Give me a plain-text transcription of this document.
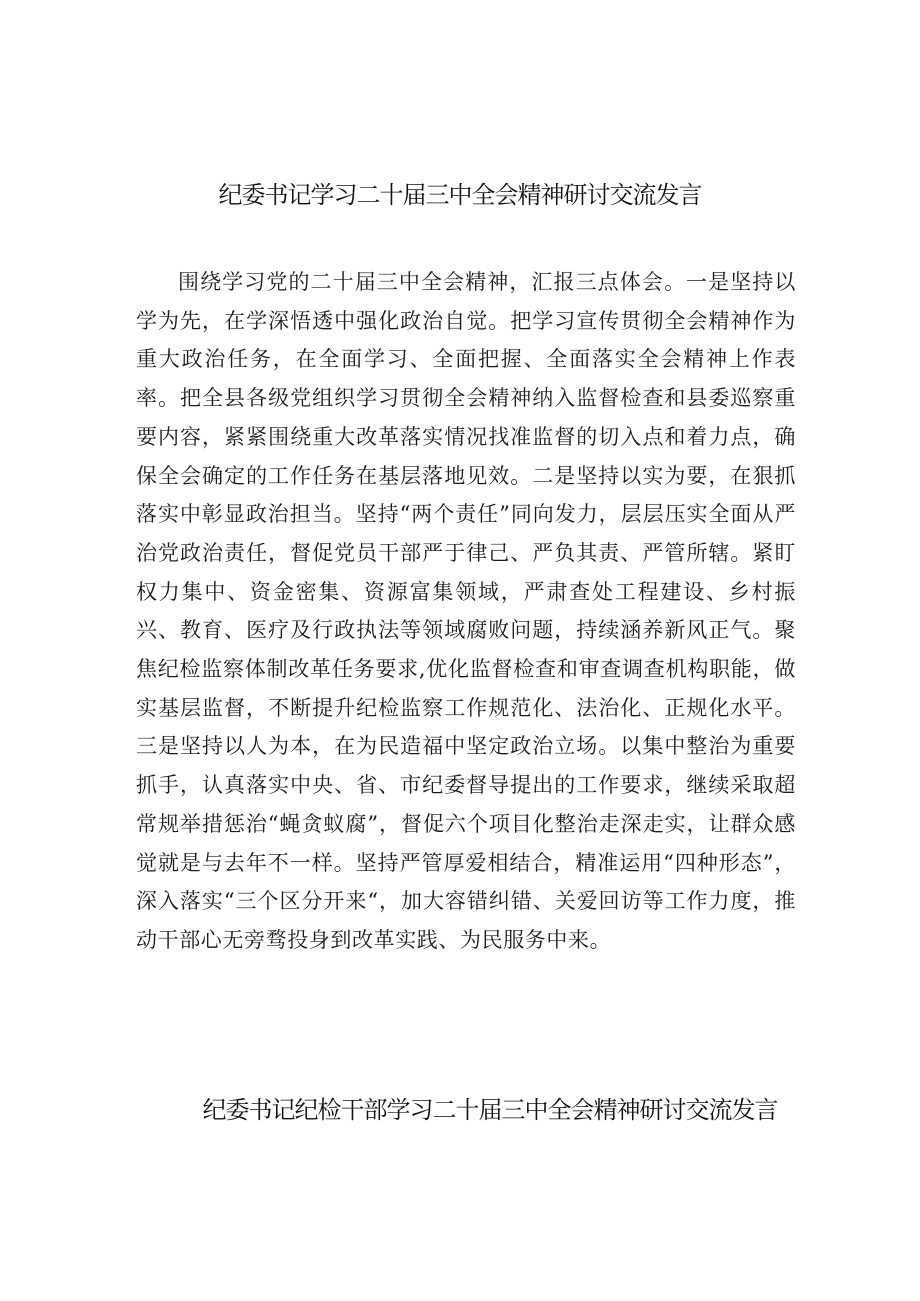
纪委书记学习二十届三中全会精神研讨交流发言

围绕学习党的二十届三中全会精神，汇报三点体会。一是坚持以学为先，在学深悟透中强化政治自觉。把学习宣传贯彻全会精神作为重大政治任务，在全面学习、全面把握、全面落实全会精神上作表率。把全县各级党组织学习贯彻全会精神纳入监督检查和县委巡察重要内容，紧紧围绕重大改革落实情况找准监督的切入点和着力点，确保全会确定的工作任务在基层落地见效。二是坚持以实为要，在狠抓落实中彰显政治担当。坚持“两个责任”同向发力，层层压实全面从严治党政治责任，督促党员干部严于律己、严负其责、严管所辖。紧盯权力集中、资金密集、资源富集领域，严肃查处工程建设、乡村振兴、教育、医疗及行政执法等领域腐败问题，持续涵养新风正气。聚焦纪检监察体制改革任务要求,优化监督检查和审查调查机构职能，做实基层监督，不断提升纪检监察工作规范化、法治化、正规化水平。三是坚持以人为本，在为民造福中坚定政治立场。以集中整治为重要抓手，认真落实中央、省、市纪委督导提出的工作要求，继续采取超常规举措惩治“蝇贪蚁腐”，督促六个项目化整治走深走实，让群众感觉就是与去年不一样。坚持严管厚爱相结合，精准运用“四种形态”，深入落实“三个区分开来“，加大容错纠错、关爱回访等工作力度，推动干部心无旁骛投身到改革实践、为民服务中来。

纪委书记纪检干部学习二十届三中全会精神研讨交流发言
